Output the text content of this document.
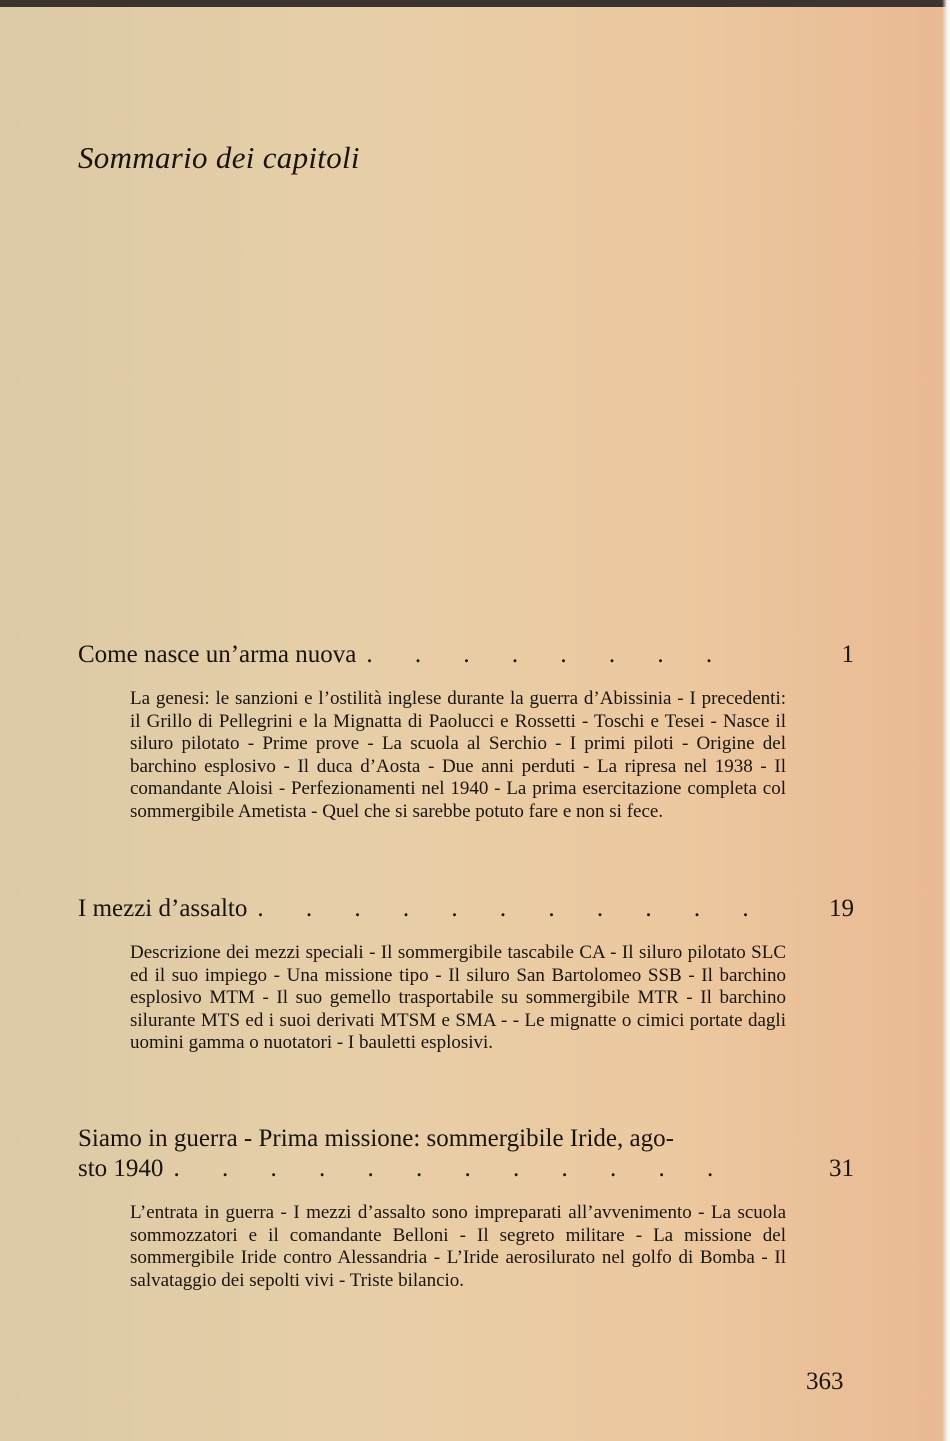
Sommario dei capitoli
Come nasce un’arma nuova . . . . . . . .	1

La genesi: le sanzioni e l’ostilità inglese durante la guerra d’Abissinia - I precedenti: il Grillo di Pellegrini e la Mignatta di Paolucci e Rossetti - Toschi e Tesei - Nasce il siluro pilotato - Prime prove - La scuola al Serchio - I primi piloti - Origine del barchino esplosivo - Il duca d’Aosta - Due anni perduti - La ripresa nel 1938 - Il comandante Aloisi - Perfezionamenti nel 1940 - La prima esercitazione completa col sommergibile Ametista - Quel che si sarebbe potuto fare e non si fece.

I mezzi d’assalto . . . . . . . . . . .	19

Descrizione dei mezzi speciali - Il sommergibile tascabile CA - Il siluro pilotato SLC ed il suo impiego - Una missione tipo - Il siluro San Bartolomeo SSB - Il barchino esplosivo MTM - Il suo gemello trasportabile su sommergibile MTR - Il barchino silurante MTS ed i suoi derivati MTSM e SMA - - Le mignatte o cimici portate dagli uomini gamma o nuotatori - I bauletti esplosivi.

Siamo in guerra - Prima missione: sommergibile Iride, ago-
sto 1940 . . . . . . . . . . . .	31

L’entrata in guerra - I mezzi d’assalto sono impreparati all’avvenimento - La scuola sommozzatori e il comandante Belloni - Il segreto militare - La missione del sommergibile Iride contro Alessandria - L’Iride aerosilurato nel golfo di Bomba - Il salvataggio dei sepolti vivi - Triste bilancio.

363
